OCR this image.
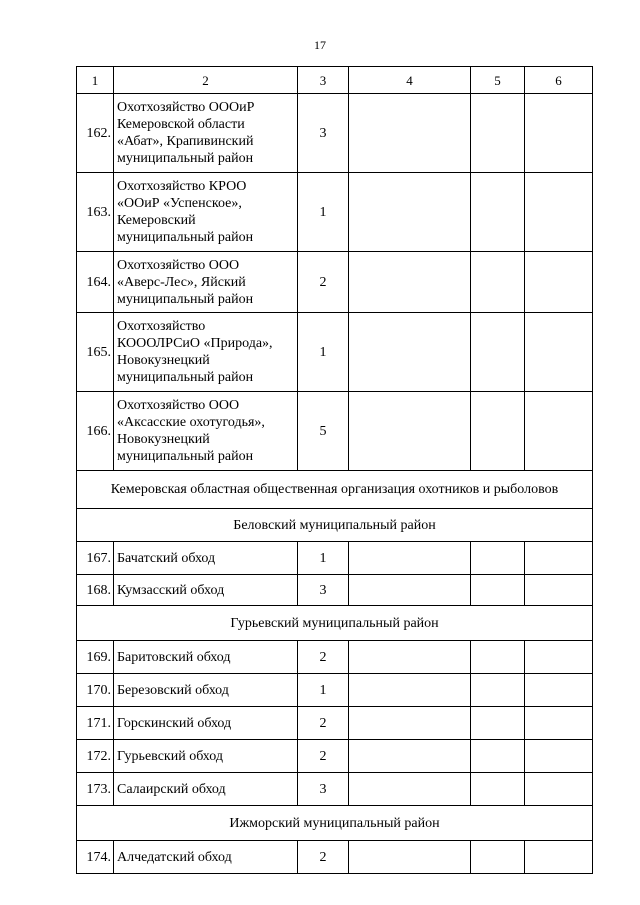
17
1	2	3	4	5	6
162.	Охотхозяйство ОООиР
Кемеровской области
«Абат», Крапивинский
муниципальный район	3			
163.	Охотхозяйство КРОО
«ООиР «Успенское»,
Кемеровский
муниципальный район	1			
164.	Охотхозяйство ООО
«Аверс-Лес», Яйский
муниципальный район	2			
165.	Охотхозяйство
КОООЛРСиО «Природа»,
Новокузнецкий
муниципальный район	1			
166.	Охотхозяйство ООО
«Аксасские охотугодья»,
Новокузнецкий
муниципальный район	5			
Кемеровская областная общественная организация охотников и рыболовов					
Беловский муниципальный район					
167.	Бачатский обход	1			
168.	Кумзасский обход	3			
Гурьевский муниципальный район					
169.	Баритовский обход	2			
170.	Березовский обход	1			
171.	Горскинский обход	2			
172.	Гурьевский обход	2			
173.	Салаирский обход	3			
Ижморский муниципальный район					
174.	Алчедатский обход	2			
